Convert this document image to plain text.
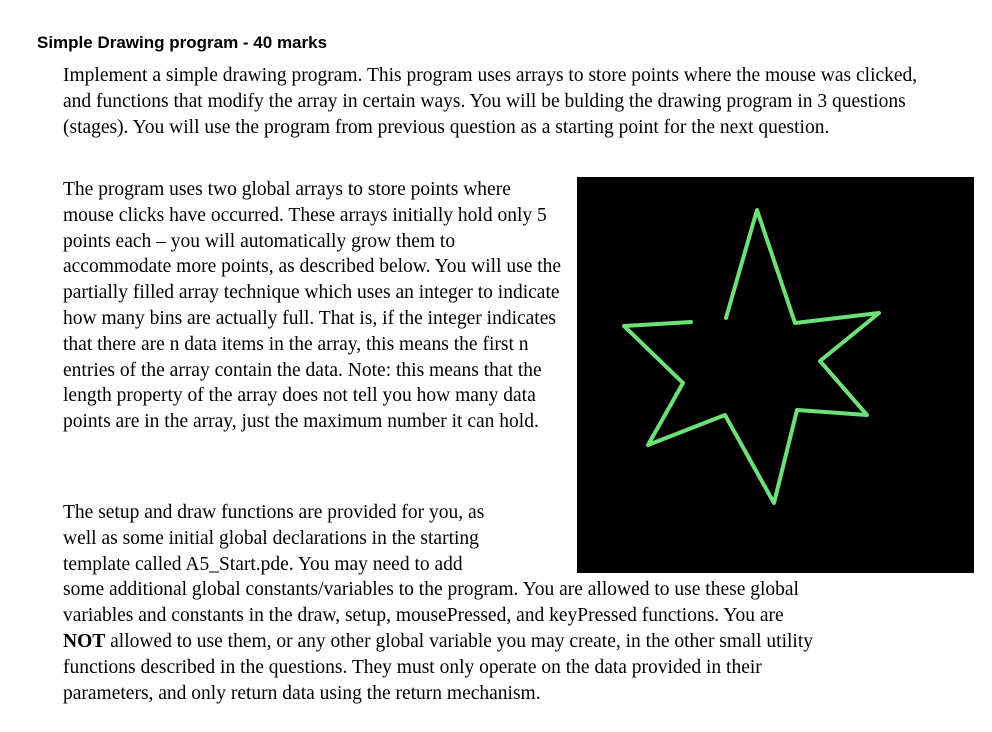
Simple Drawing program - 40 marks

Implement a simple drawing program. This program uses arrays to store points where the mouse was clicked, and functions that modify the array in certain ways. You will be bulding the drawing program in 3 questions (stages). You will use the program from previous question as a starting point for the next question.

The program uses two global arrays to store points where mouse clicks have occurred. These arrays initially hold only 5 points each – you will automatically grow them to accommodate more points, as described below. You will use the partially filled array technique which uses an integer to indicate how many bins are actually full. That is, if the integer indicates that there are n data items in the array, this means the first n entries of the array contain the data. Note: this means that the length property of the array does not tell you how many data points are in the array, just the maximum number it can hold.

The setup and draw functions are provided for you, as
well as some initial global declarations in the starting
template called A5_Start.pde. You may need to add
some additional global constants/variables to the program. You are allowed to use these global
variables and constants in the draw, setup, mousePressed, and keyPressed functions. You are
NOT allowed to use them, or any other global variable you may create, in the other small utility
functions described in the questions. They must only operate on the data provided in their
parameters, and only return data using the return mechanism.
